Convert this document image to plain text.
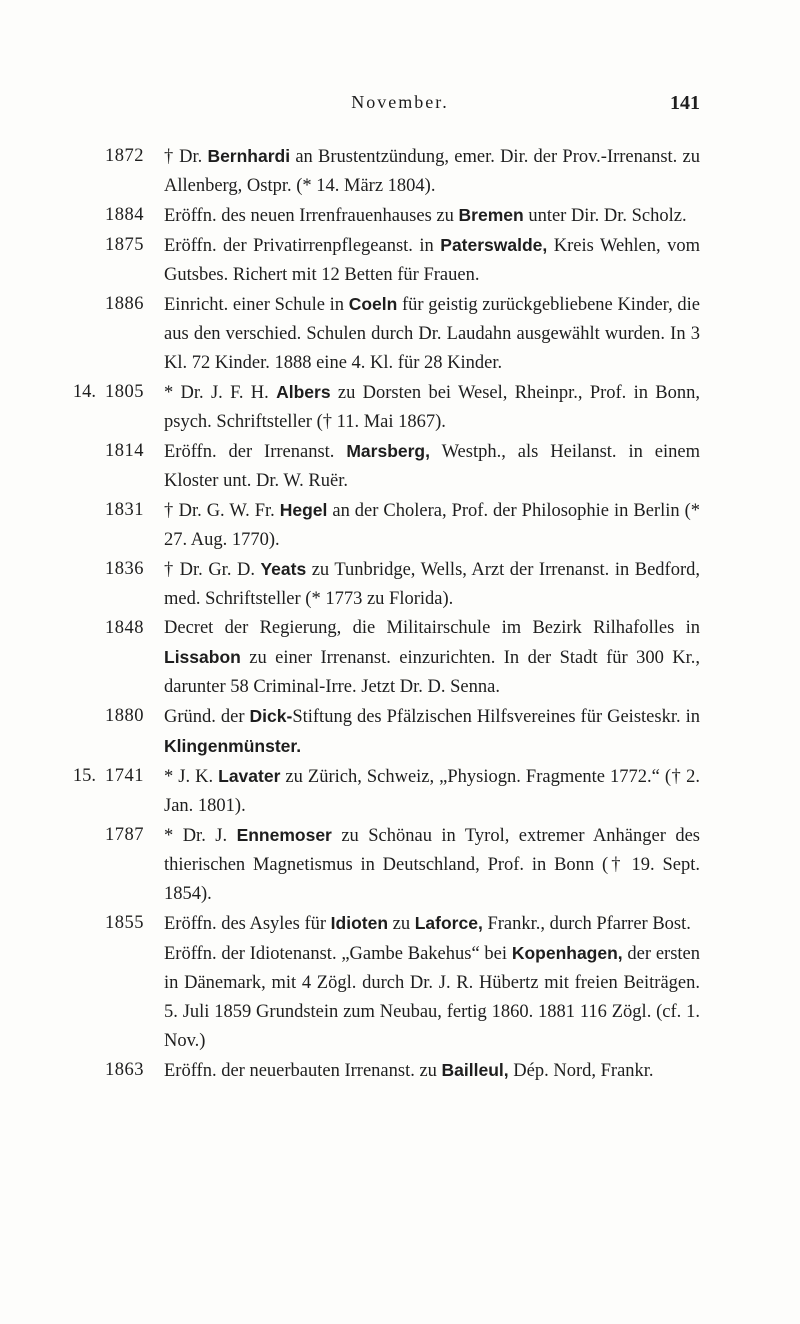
November.	141
1872	† Dr. Bernhardi an Brustentzündung, emer. Dir. der Prov.-Irrenanst. zu Allenberg, Ostpr. (* 14. März 1804).
1884	Eröffn. des neuen Irrenfrauenhauses zu Bremen unter Dir. Dr. Scholz.
1875	Eröffn. der Privatirrenpflegeanst. in Paterswalde, Kreis Wehlen, vom Gutsbes. Richert mit 12 Betten für Frauen.
1886	Einricht. einer Schule in Coeln für geistig zurückgebliebene Kinder, die aus den verschied. Schulen durch Dr. Laudahn ausgewählt wurden. In 3 Kl. 72 Kinder. 1888 eine 4. Kl. für 28 Kinder.
14. 1805	* Dr. J. F. H. Albers zu Dorsten bei Wesel, Rheinpr., Prof. in Bonn, psych. Schriftsteller († 11. Mai 1867).
1814	Eröffn. der Irrenanst. Marsberg, Westph., als Heilanst. in einem Kloster unt. Dr. W. Ruër.
1831	† Dr. G. W. Fr. Hegel an der Cholera, Prof. der Philosophie in Berlin (* 27. Aug. 1770).
1836	† Dr. Gr. D. Yeats zu Tunbridge, Wells, Arzt der Irrenanst. in Bedford, med. Schriftsteller (* 1773 zu Florida).
1848	Decret der Regierung, die Militairschule im Bezirk Rilhafolles in Lissabon zu einer Irrenanst. einzurichten. In der Stadt für 300 Kr., darunter 58 Criminal-Irre. Jetzt Dr. D. Senna.
1880	Gründ. der Dick-Stiftung des Pfälzischen Hilfsvereines für Geisteskr. in Klingenmünster.
15. 1741	* J. K. Lavater zu Zürich, Schweiz, „Physiogn. Fragmente 1772.“ († 2. Jan. 1801).
1787	* Dr. J. Ennemoser zu Schönau in Tyrol, extremer Anhänger des thierischen Magnetismus in Deutschland, Prof. in Bonn († 19. Sept. 1854).
1855	Eröffn. des Asyles für Idioten zu Laforce, Frankr., durch Pfarrer Bost.
Eröffn. der Idiotenanst. „Gambe Bakehus“ bei Kopenhagen, der ersten in Dänemark, mit 4 Zögl. durch Dr. J. R. Hübertz mit freien Beiträgen. 5. Juli 1859 Grundstein zum Neubau, fertig 1860. 1881 116 Zögl. (cf. 1. Nov.)
1863	Eröffn. der neuerbauten Irrenanst. zu Bailleul, Dép. Nord, Frankr.
